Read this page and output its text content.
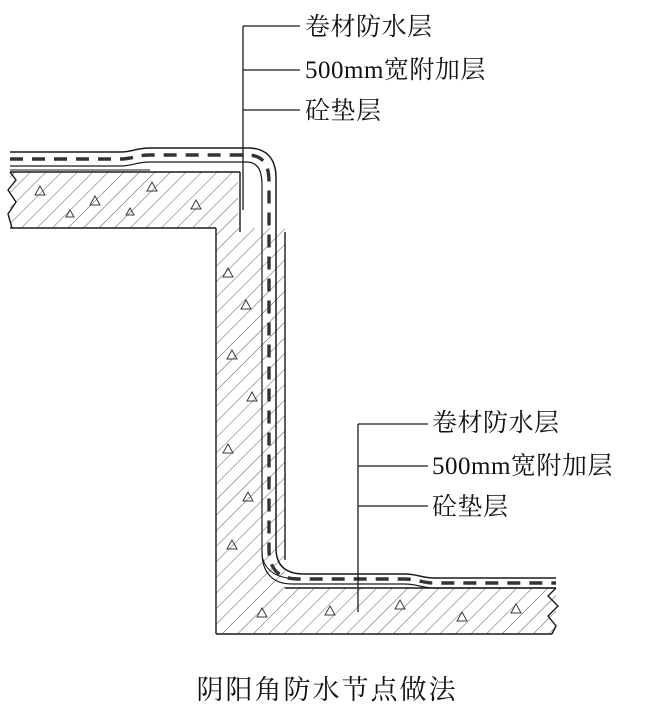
卷材防水层
500mm宽附加层
砼垫层
卷材防水层
500mm宽附加层
砼垫层
阴阳角防水节点做法
